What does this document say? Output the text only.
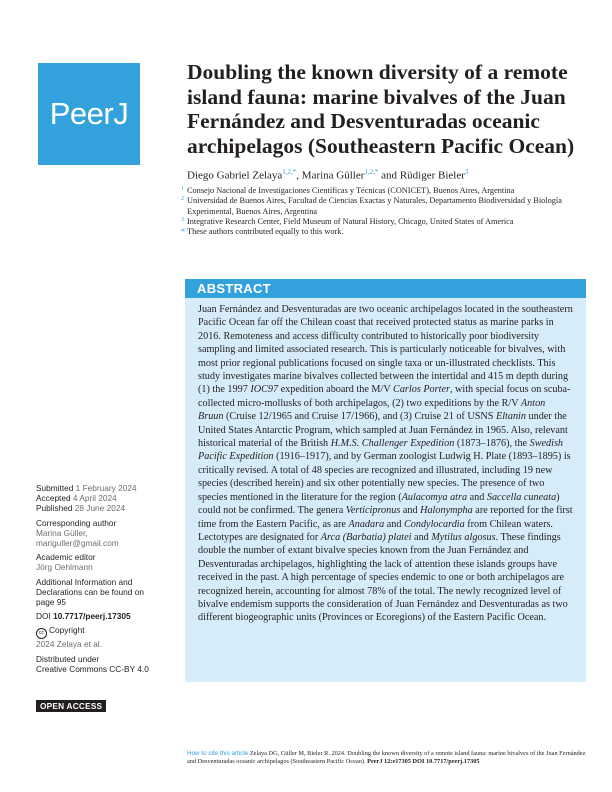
Peer J
Doubling the known diversity of a remote island fauna: marine bivalves of the Juan Fernández and Desventuradas oceanic archipelagos (Southeastern Pacific Ocean)
Diego Gabriel Zelaya$^{1,2,*}$, Marina Güller$^{1,2,*}$ and Rüdiger Bieler$^3$
1 Consejo Nacional de Investigaciones Científicas y Técnicas (CONICET), Buenos Aires, Argentina
2 Universidad de Buenos Aires, Facultad de Ciencias Exactas y Naturales, Departamento Biodiversidad y Biología Experimental, Buenos Aires, Argentina
3 Integrative Research Center, Field Museum of Natural History, Chicago, United States of America
* These authors contributed equally to this work.
ABSTRACT
Juan Fernández and Desventuradas are two oceanic archipelagos located in the southeastern Pacific Ocean far off the Chilean coast that received protected status as marine parks in 2016. Remoteness and access difficulty contributed to historically poor biodiversity sampling and limited associated research. This is particularly noticeable for bivalves, with most prior regional publications focused on single taxa or un-illustrated checklists. This study investigates marine bivalves collected between the intertidal and 415 m depth during (1) the 1997 IOC97 expedition aboard the M/V Carlos Porter, with special focus on scuba-collected micro-mollusks of both archipelagos, (2) two expeditions by the R/V Anton Bruun (Cruise 12/1965 and Cruise 17/1966), and (3) Cruise 21 of USNS Eltanin under the United States Antarctic Program, which sampled at Juan Fernández in 1965. Also, relevant historical material of the British H.M.S. Challenger Expedition (1873–1876), the Swedish Pacific Expedition (1916–1917), and by German zoologist Ludwig H. Plate (1893–1895) is critically revised. A total of 48 species are recognized and illustrated, including 19 new species (described herein) and six other potentially new species. The presence of two species mentioned in the literature for the region (Aulacomya atra and Saccella cuneata) could not be confirmed. The genera Verticipronus and Halonympha are reported for the first time from the Eastern Pacific, as are Anadara and Condylocardia from Chilean waters. Lectotypes are designated for Arca (Barbatia) platei and Mytilus algosus. These findings double the number of extant bivalve species known from the Juan Fernández and Desventuradas archipelagos, highlighting the lack of attention these islands groups have received in the past. A high percentage of species endemic to one or both archipelagos are recognized herein, accounting for almost 78% of the total. The newly recognized level of bivalve endemism supports the consideration of Juan Fernández and Desventuradas as two different biogeographic units (Provinces or Ecoregions) of the Eastern Pacific Ocean.
Submitted 1 February 2024
Accepted 4 April 2024
Published 28 June 2024
Corresponding author
Marina Güller,
mariguller@gmail.com
Academic editor
Jörg Oehlmann
Additional Information and
Declarations can be found on
page 95
DOI 10.7717/peerj.17305
cc Copyright
2024 Zelaya et al.
Distributed under
Creative Commons CC-BY 4.0
OPEN ACCESS
How to cite this article Zelaya DG, Güller M, Bieler R. 2024. Doubling the known diversity of a remote island fauna: marine bivalves of the Juan Fernández and Desventuradas oceanic archipelagos (Southeastern Pacific Ocean). PeerJ 12:e17305 DOI 10.7717/peerj.17305
